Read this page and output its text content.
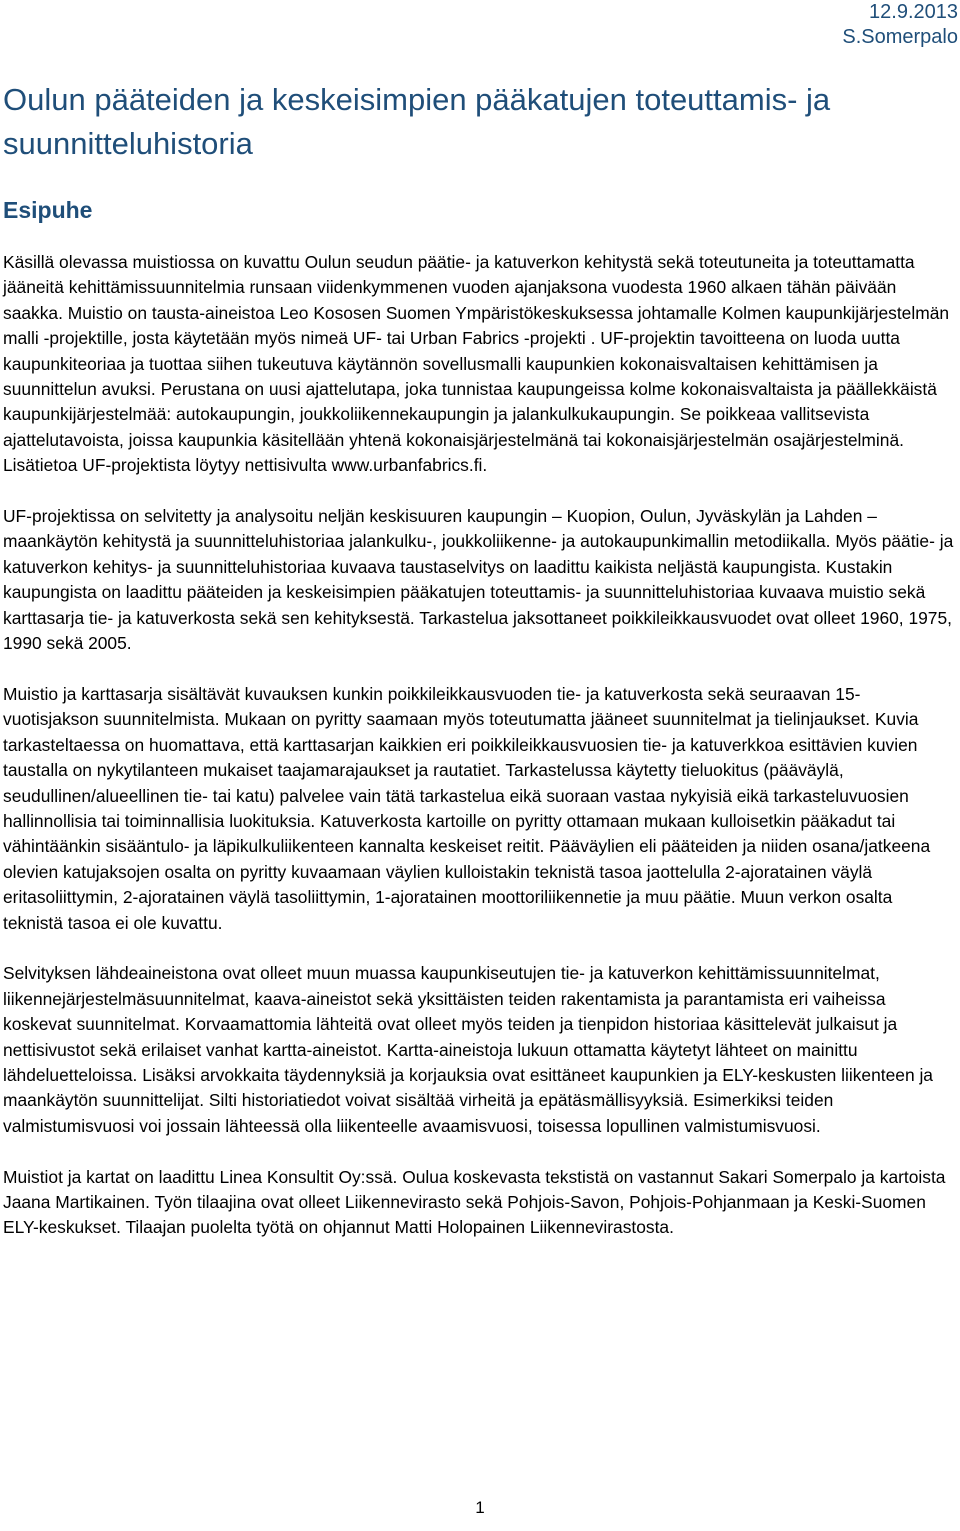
12.9.2013
S.Somerpalo
Oulun pääteiden ja keskeisimpien pääkatujen toteuttamis- ja suunnitteluhistoria
Esipuhe

Käsillä olevassa muistiossa on kuvattu Oulun seudun päätie- ja katuverkon kehitystä sekä toteutuneita ja toteuttamatta jääneitä kehittämissuunnitelmia runsaan viidenkymmenen vuoden ajanjaksona vuodesta 1960 alkaen tähän päivään saakka. Muistio on tausta-aineistoa Leo Kososen Suomen Ympäristökeskuksessa johtamalle Kolmen kaupunkijärjestelmän malli -projektille, josta käytetään myös nimeä UF- tai Urban Fabrics -projekti . UF-projektin tavoitteena on luoda uutta kaupunkiteoriaa ja tuottaa siihen tukeutuva käytännön sovellusmalli kaupunkien kokonaisvaltaisen kehittämisen ja suunnittelun avuksi. Perustana on uusi ajattelutapa, joka tunnistaa kaupungeissa kolme kokonaisvaltaista ja päällekkäistä kaupunkijärjestelmää: autokaupungin, joukkoliikennekaupungin ja jalankulkukaupungin. Se poikkeaa vallitsevista ajattelutavoista, joissa kaupunkia käsitellään yhtenä kokonaisjärjestelmänä tai kokonaisjärjestelmän osajärjestelminä. Lisätietoa UF-projektista löytyy nettisivulta www.urbanfabrics.fi.

UF-projektissa on selvitetty ja analysoitu neljän keskisuuren kaupungin – Kuopion, Oulun, Jyväskylän ja Lahden – maankäytön kehitystä ja suunnitteluhistoriaa jalankulku-, joukkoliikenne- ja autokaupunkimallin metodiikalla. Myös päätie- ja katuverkon kehitys- ja suunnitteluhistoriaa kuvaava taustaselvitys on laadittu kaikista neljästä kaupungista. Kustakin kaupungista on laadittu pääteiden ja keskeisimpien pääkatujen toteuttamis- ja suunnitteluhistoriaa kuvaava muistio sekä karttasarja tie- ja katuverkosta sekä sen kehityksestä. Tarkastelua jaksottaneet poikkileikkausvuodet ovat olleet 1960, 1975, 1990 sekä 2005.

Muistio ja karttasarja sisältävät kuvauksen kunkin poikkileikkausvuoden tie- ja katuverkosta sekä seuraavan 15-vuotisjakson suunnitelmista. Mukaan on pyritty saamaan myös toteutumatta jääneet suunnitelmat ja tielinjaukset. Kuvia tarkasteltaessa on huomattava, että karttasarjan kaikkien eri poikkileikkausvuosien tie- ja katuverkkoa esittävien kuvien taustalla on nykytilanteen mukaiset taajamarajaukset ja rautatiet. Tarkastelussa käytetty tieluokitus (pääväylä, seudullinen/alueellinen tie- tai katu) palvelee vain tätä tarkastelua eikä suoraan vastaa nykyisiä eikä tarkasteluvuosien hallinnollisia tai toiminnallisia luokituksia. Katuverkosta kartoille on pyritty ottamaan mukaan kulloisetkin pääkadut tai vähintäänkin sisääntulo- ja läpikulkuliikenteen kannalta keskeiset reitit. Pääväylien eli pääteiden ja niiden osana/jatkeena olevien katujaksojen osalta on pyritty kuvaamaan väylien kulloistakin teknistä tasoa jaottelulla 2-ajoratainen väylä eritasoliittymin, 2-ajoratainen väylä tasoliittymin, 1-ajoratainen moottoriliikennetie ja muu päätie. Muun verkon osalta teknistä tasoa ei ole kuvattu.

Selvityksen lähdeaineistona ovat olleet muun muassa kaupunkiseutujen tie- ja katuverkon kehittämissuunnitelmat, liikennejärjestelmäsuunnitelmat, kaava-aineistot sekä yksittäisten teiden rakentamista ja parantamista eri vaiheissa koskevat suunnitelmat. Korvaamattomia lähteitä ovat olleet myös teiden ja tienpidon historiaa käsittelevät julkaisut ja nettisivustot sekä erilaiset vanhat kartta-aineistot. Kartta-aineistoja lukuun ottamatta käytetyt lähteet on mainittu lähdeluetteloissa. Lisäksi arvokkaita täydennyksiä ja korjauksia ovat esittäneet kaupunkien ja ELY-keskusten liikenteen ja maankäytön suunnittelijat. Silti historiatiedot voivat sisältää virheitä ja epätäsmällisyyksiä. Esimerkiksi teiden valmistumisvuosi voi jossain lähteessä olla liikenteelle avaamisvuosi, toisessa lopullinen valmistumisvuosi.

Muistiot ja kartat on laadittu Linea Konsultit Oy:ssä. Oulua koskevasta tekstistä on vastannut Sakari Somerpalo ja kartoista Jaana Martikainen. Työn tilaajina ovat olleet Liikennevirasto sekä Pohjois-Savon, Pohjois-Pohjanmaan ja Keski-Suomen ELY-keskukset. Tilaajan puolelta työtä on ohjannut Matti Holopainen Liikennevirastosta.

1
